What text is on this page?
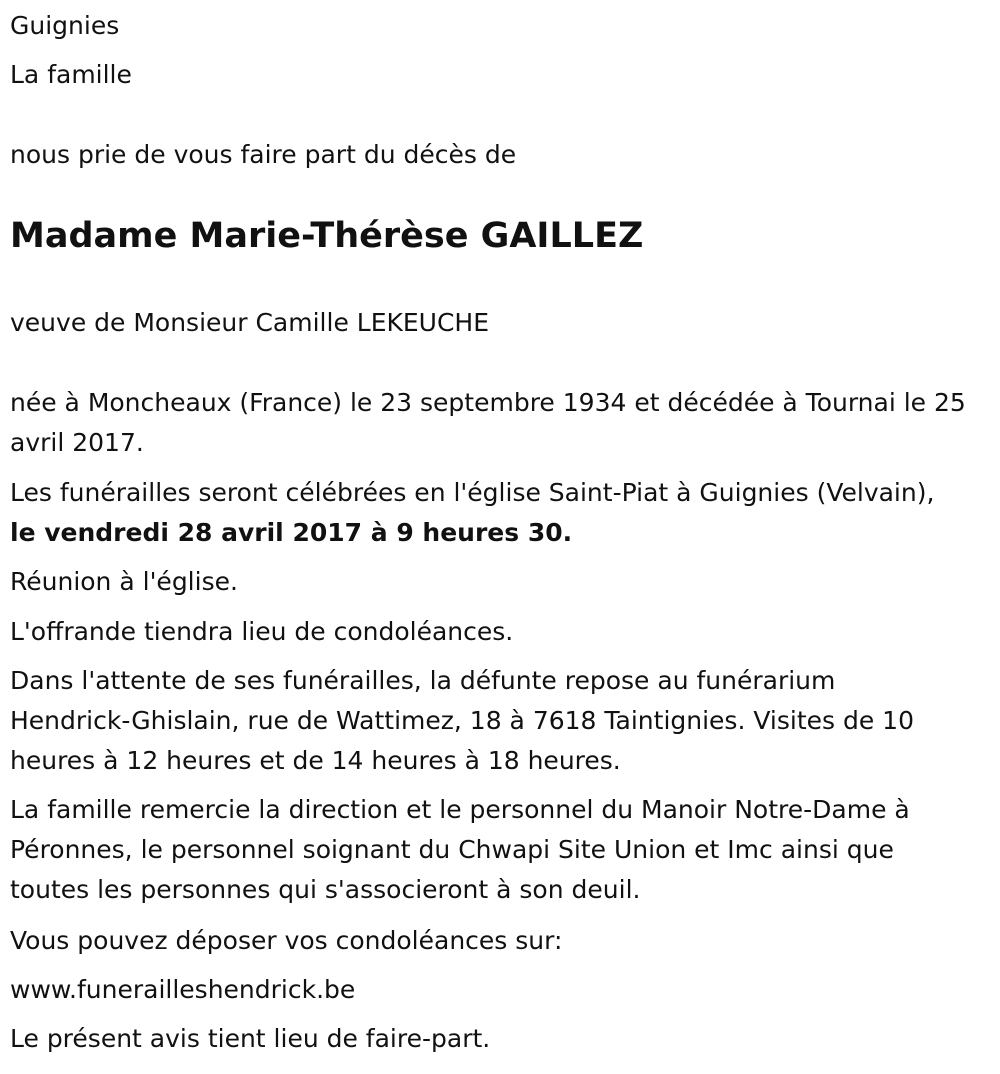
Guignies

La famille

nous prie de vous faire part du décès de

Madame Marie-Thérèse GAILLEZ

veuve de Monsieur Camille LEKEUCHE

née à Moncheaux (France) le 23 septembre 1934 et décédée à Tournai le 25 avril 2017.

Les funérailles seront célébrées en l'église Saint-Piat à Guignies (Velvain),

le vendredi 28 avril 2017 à 9 heures 30.

Réunion à l'église.

L'offrande tiendra lieu de condoléances.

Dans l'attente de ses funérailles, la défunte repose au funérarium Hendrick-Ghislain, rue de Wattimez, 18 à 7618 Taintignies. Visites de 10 heures à 12 heures et de 14 heures à 18 heures.

La famille remercie la direction et le personnel du Manoir Notre-Dame à Péronnes, le personnel soignant du Chwapi Site Union et Imc ainsi que toutes les personnes qui s'associeront à son deuil.

Vous pouvez déposer vos condoléances sur:

www.funerailleshendrick.be

Le présent avis tient lieu de faire-part.
